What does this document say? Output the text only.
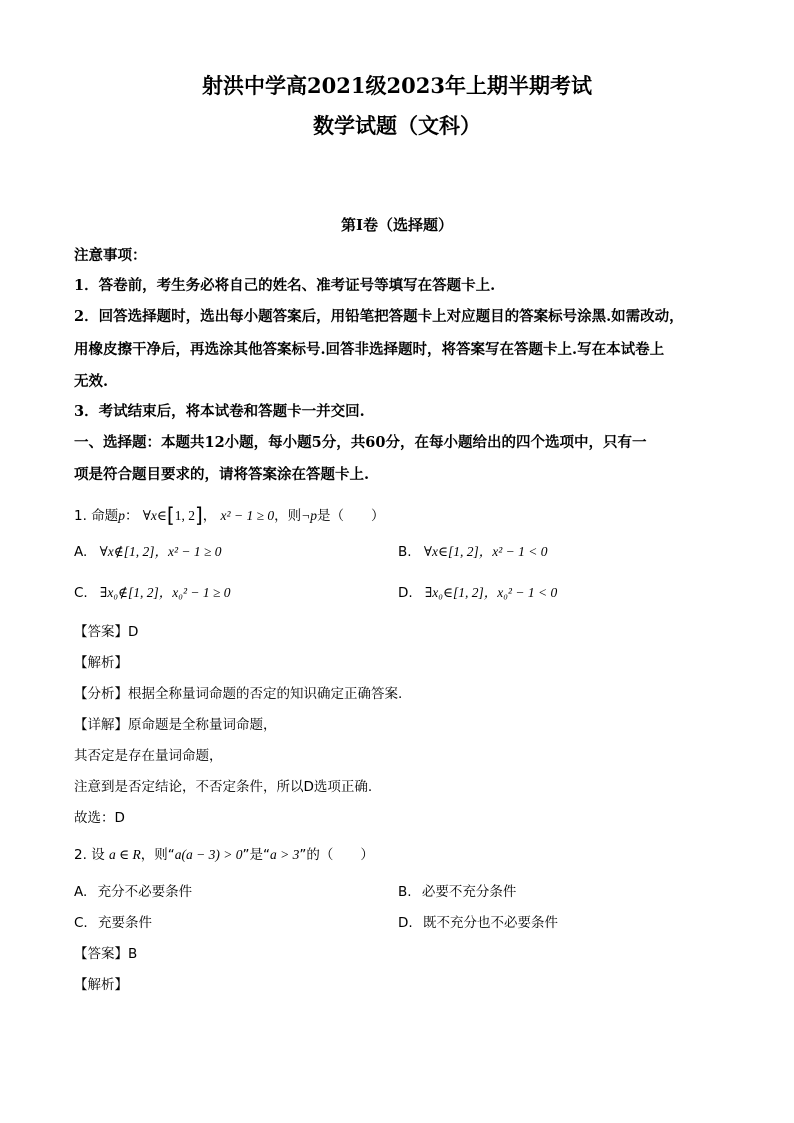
射洪中学高2021级2023年上期半期考试
数学试题（文科）
第I卷（选择题）
注意事项：
1．答卷前，考生务必将自己的姓名、准考证号等填写在答题卡上.
2．回答选择题时，选出每小题答案后，用铅笔把答题卡上对应题目的答案标号涂黑.如需改动，
用橡皮擦干净后，再选涂其他答案标号.回答非选择题时，将答案写在答题卡上.写在本试卷上
无效.
3．考试结束后，将本试卷和答题卡一并交回.
一、选择题：本题共12小题，每小题5分，共60分，在每小题给出的四个选项中，只有一
项是符合题目要求的，请将答案涂在答题卡上.
1. 命题p： ∀x∈[1, 2]， x² − 1 ≥ 0，则¬p是（　　）
A. ∀x∉[1, 2]，x² − 1 ≥ 0	B. ∀x∈[1, 2]，x² − 1 < 0
C. ∃x₀∉[1, 2]，x₀² − 1 ≥ 0	D. ∃x₀∈[1, 2]，x₀² − 1 < 0
【答案】D
【解析】
【分析】根据全称量词命题的否定的知识确定正确答案.
【详解】原命题是全称量词命题，
其否定是存在量词命题，
注意到是否定结论，不否定条件，所以D选项正确.
故选：D
2. 设 a ∈ R，则“a(a − 3) > 0”是“a > 3”的（　　）
A. 充分不必要条件	B. 必要不充分条件
C. 充要条件	D. 既不充分也不必要条件
【答案】B
【解析】
